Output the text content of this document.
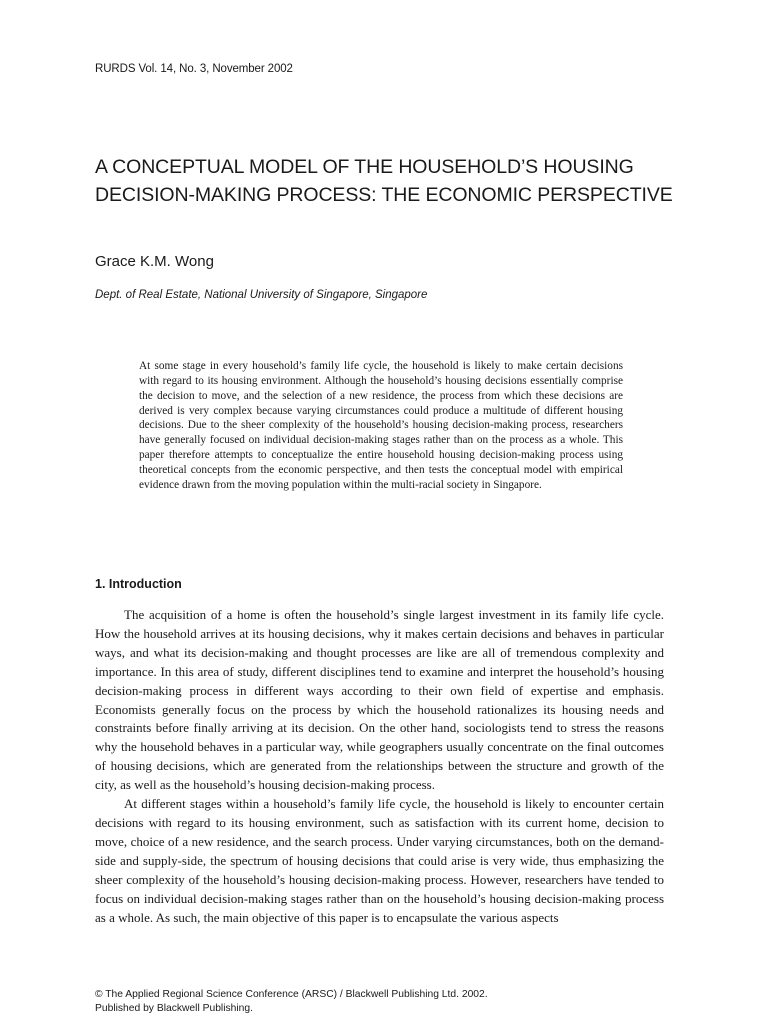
RURDS Vol. 14, No. 3, November 2002
A CONCEPTUAL MODEL OF THE HOUSEHOLD’S HOUSING DECISION-MAKING PROCESS: THE ECONOMIC PERSPECTIVE
Grace K.M. Wong
Dept. of Real Estate, National University of Singapore, Singapore

At some stage in every household’s family life cycle, the household is likely to make certain decisions with regard to its housing environment. Although the household’s housing decisions essentially comprise the decision to move, and the selection of a new residence, the process from which these decisions are derived is very complex because varying circumstances could produce a multitude of different housing decisions. Due to the sheer complexity of the household’s housing decision-making process, researchers have generally focused on individual decision-making stages rather than on the process as a whole. This paper therefore attempts to conceptualize the entire household housing decision-making process using theoretical concepts from the economic perspective, and then tests the conceptual model with empirical evidence drawn from the moving population within the multi-racial society in Singapore.

1. Introduction

The acquisition of a home is often the household’s single largest investment in its family life cycle. How the household arrives at its housing decisions, why it makes certain decisions and behaves in particular ways, and what its decision-making and thought processes are like are all of tremendous complexity and importance. In this area of study, different disciplines tend to examine and interpret the household’s housing decision-making process in different ways according to their own field of expertise and emphasis. Economists generally focus on the process by which the household rationalizes its housing needs and constraints before finally arriving at its decision. On the other hand, sociologists tend to stress the reasons why the household behaves in a particular way, while geographers usually concentrate on the final outcomes of housing decisions, which are generated from the relationships between the structure and growth of the city, as well as the household’s housing decision-making process.

At different stages within a household’s family life cycle, the household is likely to encounter certain decisions with regard to its housing environment, such as satisfaction with its current home, decision to move, choice of a new residence, and the search process. Under varying circumstances, both on the demand-side and supply-side, the spectrum of housing decisions that could arise is very wide, thus emphasizing the sheer complexity of the household’s housing decision-making process. However, researchers have tended to focus on individual decision-making stages rather than on the household’s housing decision-making process as a whole. As such, the main objective of this paper is to encapsulate the various aspects

© The Applied Regional Science Conference (ARSC) / Blackwell Publishing Ltd. 2002.
Published by Blackwell Publishing.
